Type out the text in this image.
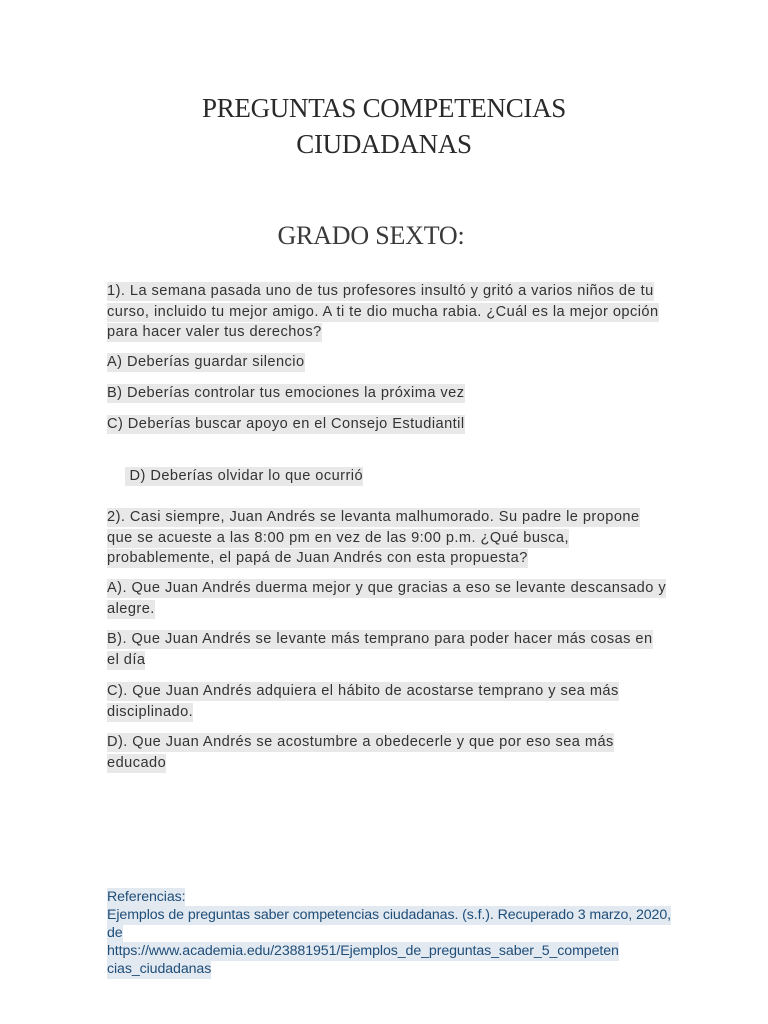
PREGUNTAS COMPETENCIAS
CIUDADANAS
GRADO SEXTO:
1). La semana pasada uno de tus profesores insultó y gritó a varios niños de tu curso, incluido tu mejor amigo. A ti te dio mucha rabia. ¿Cuál es la mejor opción para hacer valer tus derechos?
A) Deberías guardar silencio
B) Deberías controlar tus emociones la próxima vez
C) Deberías buscar apoyo en el Consejo Estudiantil

D) Deberías olvidar lo que ocurrió

2). Casi siempre, Juan Andrés se levanta malhumorado. Su padre le propone que se acueste a las 8:00 pm en vez de las 9:00 p.m. ¿Qué busca, probablemente, el papá de Juan Andrés con esta propuesta?
A). Que Juan Andrés duerma mejor y que gracias a eso se levante descansado y alegre.
B). Que Juan Andrés se levante más temprano para poder hacer más cosas en el día
C). Que Juan Andrés adquiera el hábito de acostarse temprano y sea más disciplinado.
D). Que Juan Andrés se acostumbre a obedecerle y que por eso sea más educado
Referencias:
Ejemplos de preguntas saber competencias ciudadanas. (s.f.). Recuperado 3 marzo, 2020, de
https://www.academia.edu/23881951/Ejemplos_de_preguntas_saber_5_competen
cias_ciudadanas
